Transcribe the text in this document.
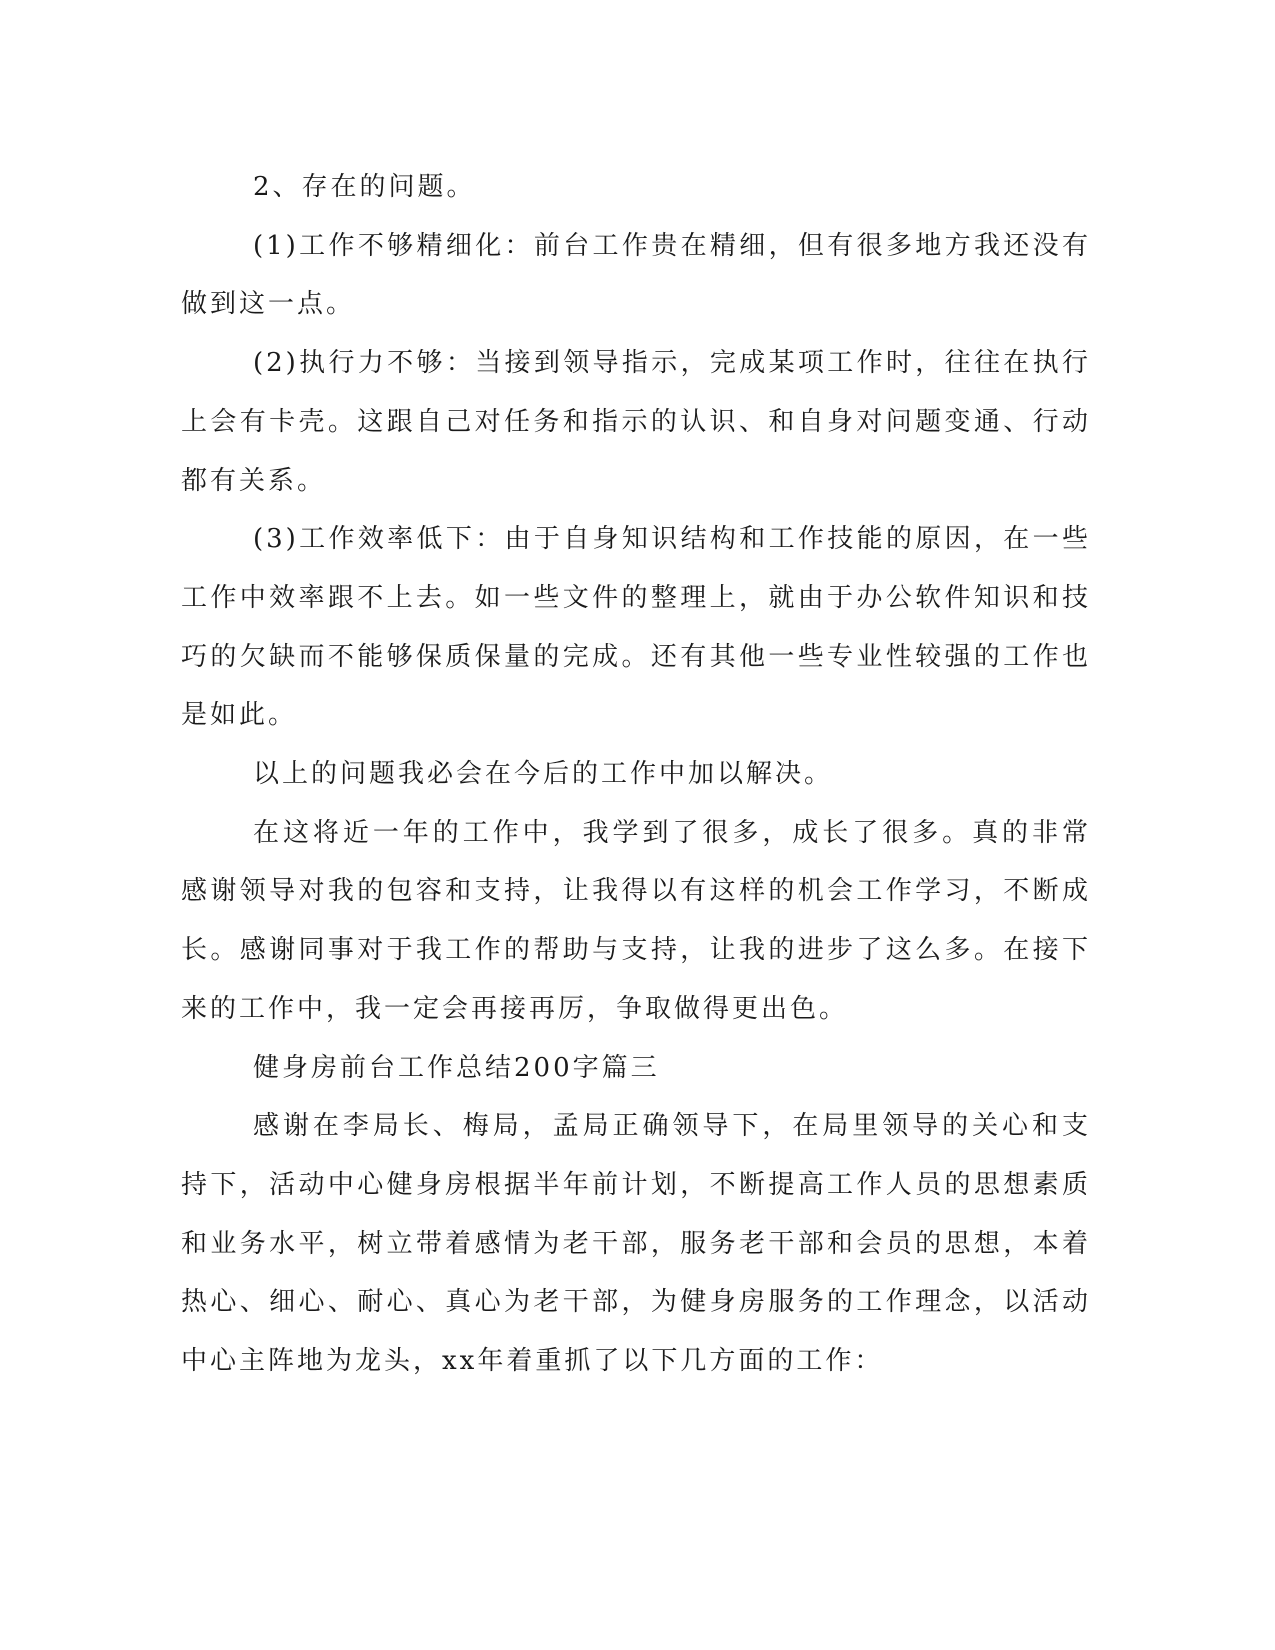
2、存在的问题。

(1)工作不够精细化：前台工作贵在精细，但有很多地方我还没有做到这一点。

(2)执行力不够：当接到领导指示，完成某项工作时，往往在执行上会有卡壳。这跟自己对任务和指示的认识、和自身对问题变通、行动都有关系。

(3)工作效率低下：由于自身知识结构和工作技能的原因，在一些工作中效率跟不上去。如一些文件的整理上，就由于办公软件知识和技巧的欠缺而不能够保质保量的完成。还有其他一些专业性较强的工作也是如此。

以上的问题我必会在今后的工作中加以解决。

在这将近一年的工作中，我学到了很多，成长了很多。真的非常感谢领导对我的包容和支持，让我得以有这样的机会工作学习，不断成长。感谢同事对于我工作的帮助与支持，让我的进步了这么多。在接下来的工作中，我一定会再接再厉，争取做得更出色。

健身房前台工作总结200字篇三

感谢在李局长、梅局，孟局正确领导下，在局里领导的关心和支持下，活动中心健身房根据半年前计划，不断提高工作人员的思想素质和业务水平，树立带着感情为老干部，服务老干部和会员的思想，本着热心、细心、耐心、真心为老干部，为健身房服务的工作理念，以活动中心主阵地为龙头，xx年着重抓了以下几方面的工作：
